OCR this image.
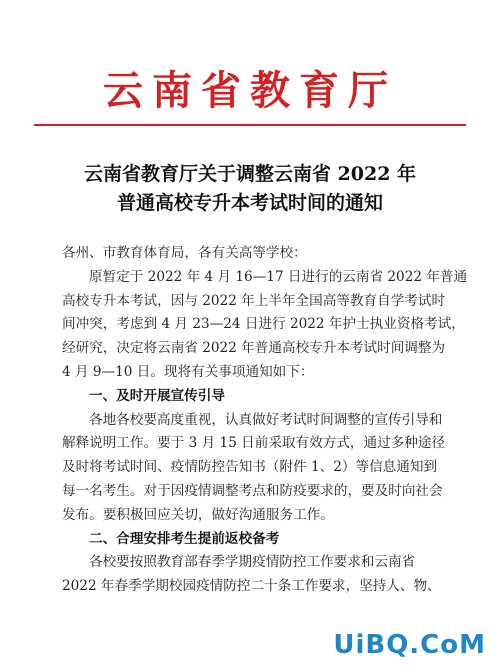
云南省教育厅
云南省教育厅关于调整云南省 2022 年
普通高校专升本考试时间的通知
各州、市教育体育局，各有关高等学校：
原暂定于 2022 年 4 月 16—17 日进行的云南省 2022 年普通
高校专升本考试，因与 2022 年上半年全国高等教育自学考试时
间冲突，考虑到 4 月 23—24 日进行 2022 年护士执业资格考试，
经研究，决定将云南省 2022 年普通高校专升本考试时间调整为
4 月 9—10 日。现将有关事项通知如下：
一、及时开展宣传引导
各地各校要高度重视，认真做好考试时间调整的宣传引导和
解释说明工作。要于 3 月 15 日前采取有效方式，通过多种途径
及时将考试时间、疫情防控告知书（附件 1、2）等信息通知到
每一名考生。对于因疫情调整考点和防疫要求的，要及时向社会
发布。要积极回应关切，做好沟通服务工作。
二、合理安排考生提前返校备考
各校要按照教育部春季学期疫情防控工作要求和云南省
2022 年春季学期校园疫情防控二十条工作要求，坚持人、物、
UiBQ.CoM
